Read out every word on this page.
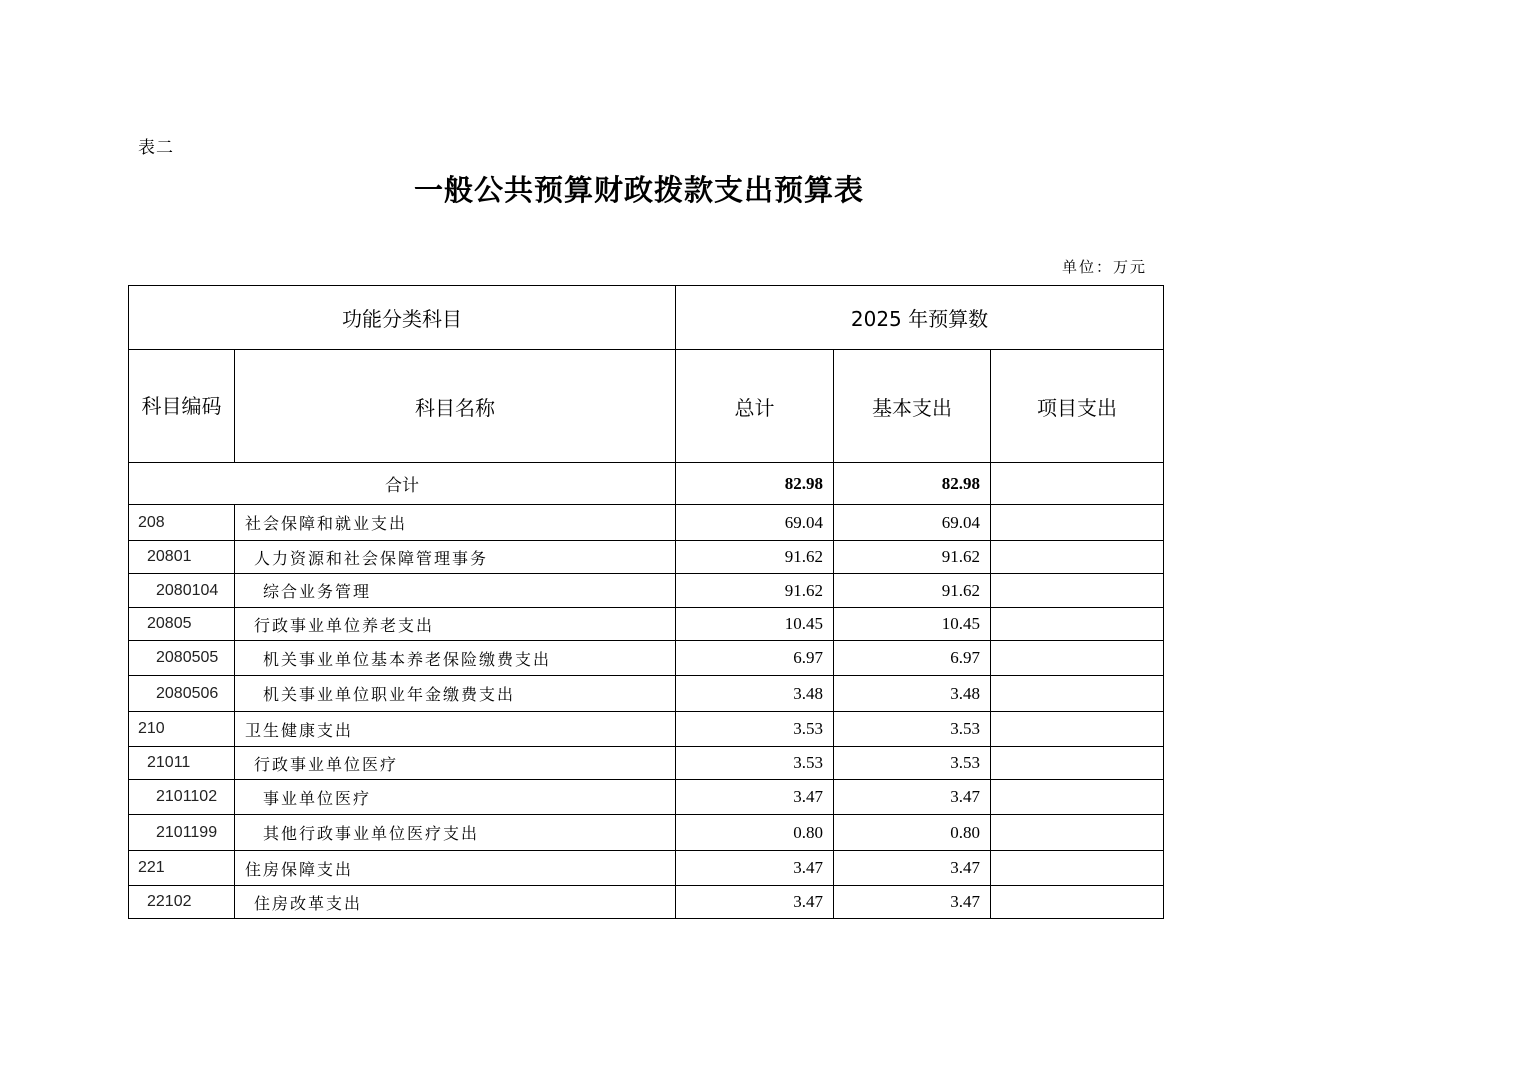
表二
一般公共预算财政拨款支出预算表
单位：万元
功能分类科目		2025 年预算数		
科目编码	科目名称	总计	基本支出	项目支出
合计		82.98	82.98	
208	社会保障和就业支出	69.04	69.04	
20801	人力资源和社会保障管理事务	91.62	91.62	
2080104	综合业务管理	91.62	91.62	
20805	行政事业单位养老支出	10.45	10.45	
2080505	机关事业单位基本养老保险缴费支出	6.97	6.97	
2080506	机关事业单位职业年金缴费支出	3.48	3.48	
210	卫生健康支出	3.53	3.53	
21011	行政事业单位医疗	3.53	3.53	
2101102	事业单位医疗	3.47	3.47	
2101199	其他行政事业单位医疗支出	0.80	0.80	
221	住房保障支出	3.47	3.47	
22102	住房改革支出	3.47	3.47	
